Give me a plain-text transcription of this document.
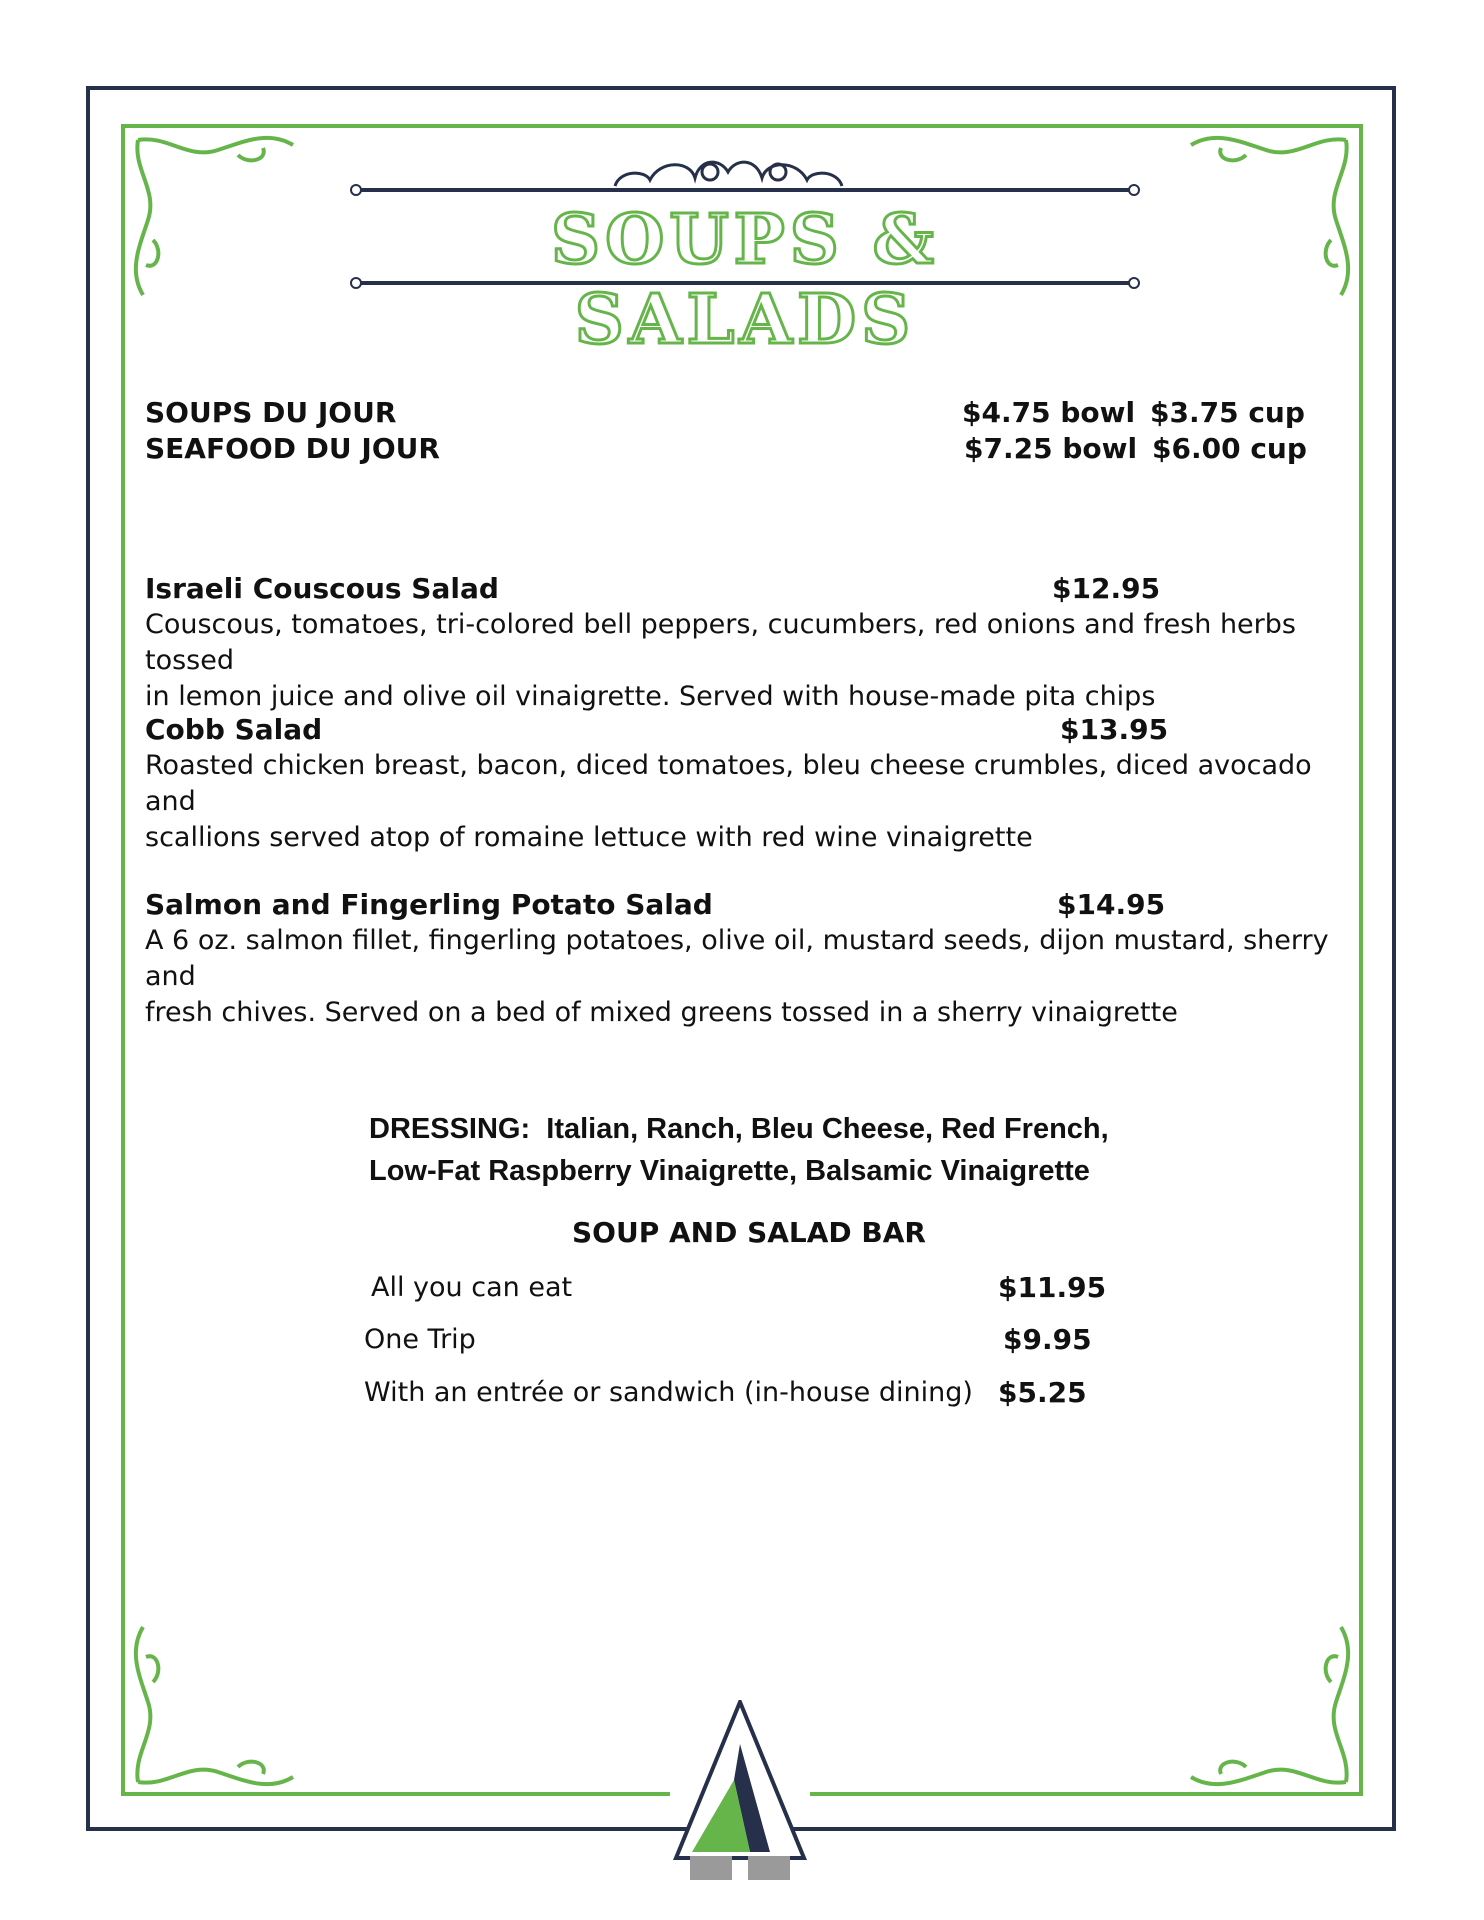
SOUPS & SALADS
SOUPS DU JOUR	$4.75 bowl $3.75 cup
SEAFOOD DU JOUR	$7.25 bowl $6.00 cup
Israeli Couscous Salad	$12.95
Couscous, tomatoes, tri-colored bell peppers, cucumbers, red onions and fresh herbs tossed
in lemon juice and olive oil vinaigrette. Served with house-made pita chips
Cobb Salad	$13.95
Roasted chicken breast, bacon, diced tomatoes, bleu cheese crumbles, diced avocado and
scallions served atop of romaine lettuce with red wine vinaigrette
Salmon and Fingerling Potato Salad	$14.95
A 6 oz. salmon fillet, fingerling potatoes, olive oil, mustard seeds, dijon mustard, sherry and
fresh chives. Served on a bed of mixed greens tossed in a sherry vinaigrette
DRESSING: Italian, Ranch, Bleu Cheese, Red French,
Low-Fat Raspberry Vinaigrette, Balsamic Vinaigrette
SOUP AND SALAD BAR
All you can eat	$11.95
One Trip	$9.95
With an entrée or sandwich (in-house dining) $5.25
